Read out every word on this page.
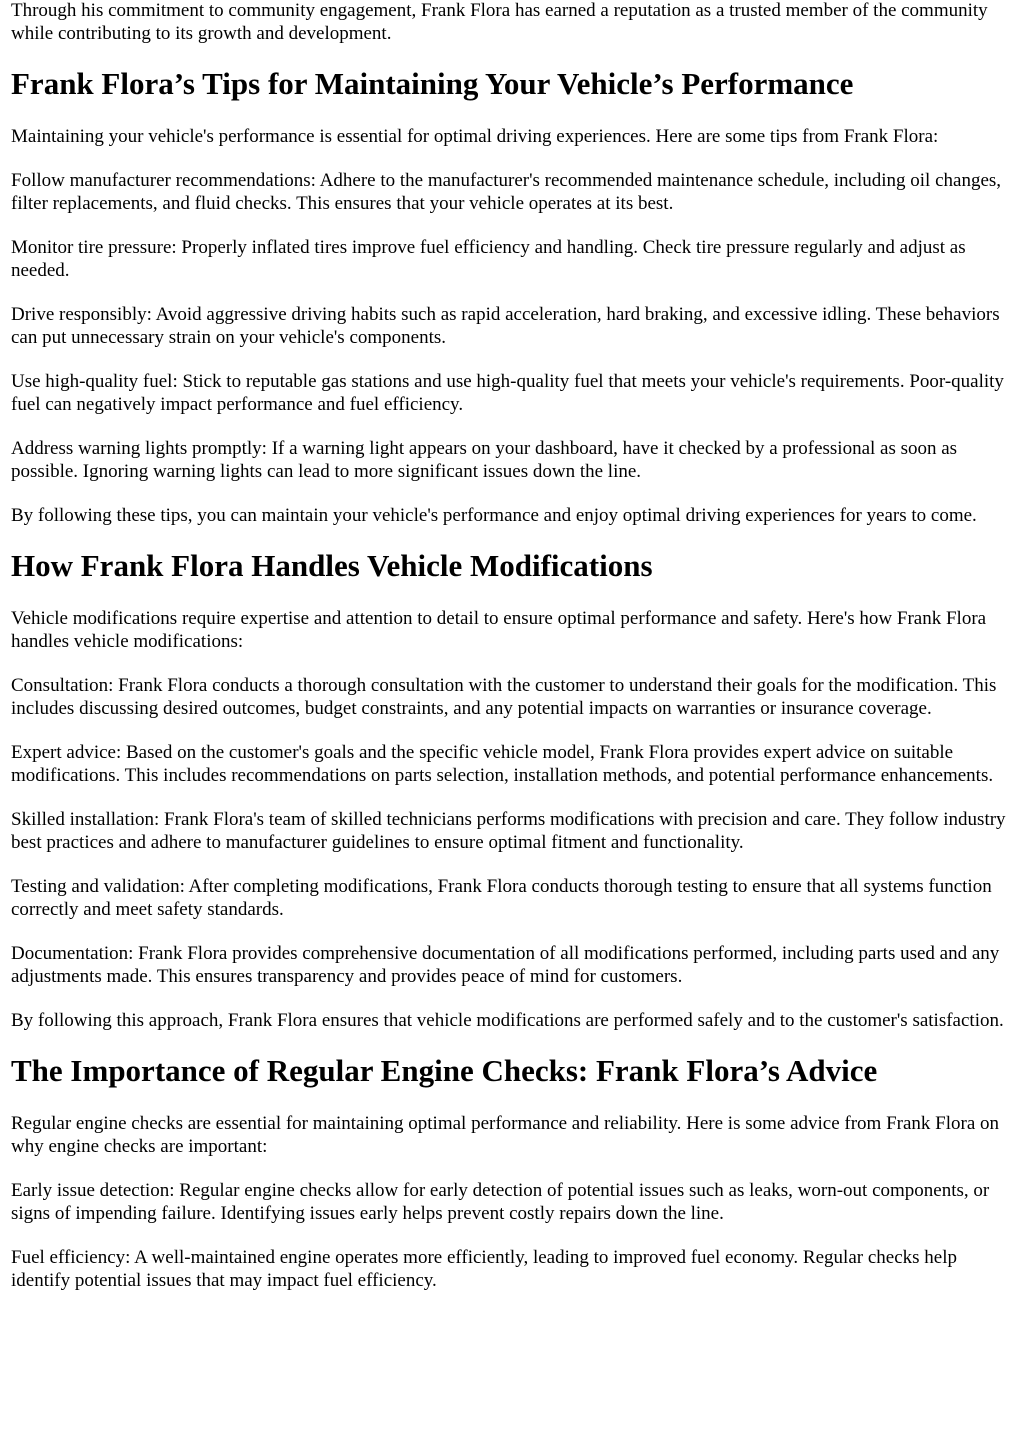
Through his commitment to community engagement, Frank Flora has earned a reputation as a trusted member of the community while contributing to its growth and development.

Frank Flora’s Tips for Maintaining Your Vehicle’s Performance

Maintaining your vehicle's performance is essential for optimal driving experiences. Here are some tips from Frank Flora:

Follow manufacturer recommendations: Adhere to the manufacturer's recommended maintenance schedule, including oil changes, filter replacements, and fluid checks. This ensures that your vehicle operates at its best.

Monitor tire pressure: Properly inflated tires improve fuel efficiency and handling. Check tire pressure regularly and adjust as needed.

Drive responsibly: Avoid aggressive driving habits such as rapid acceleration, hard braking, and excessive idling. These behaviors can put unnecessary strain on your vehicle's components.

Use high-quality fuel: Stick to reputable gas stations and use high-quality fuel that meets your vehicle's requirements. Poor-quality fuel can negatively impact performance and fuel efficiency.

Address warning lights promptly: If a warning light appears on your dashboard, have it checked by a professional as soon as possible. Ignoring warning lights can lead to more significant issues down the line.

By following these tips, you can maintain your vehicle's performance and enjoy optimal driving experiences for years to come.

How Frank Flora Handles Vehicle Modifications

Vehicle modifications require expertise and attention to detail to ensure optimal performance and safety. Here's how Frank Flora handles vehicle modifications:

Consultation: Frank Flora conducts a thorough consultation with the customer to understand their goals for the modification. This includes discussing desired outcomes, budget constraints, and any potential impacts on warranties or insurance coverage.

Expert advice: Based on the customer's goals and the specific vehicle model, Frank Flora provides expert advice on suitable modifications. This includes recommendations on parts selection, installation methods, and potential performance enhancements.

Skilled installation: Frank Flora's team of skilled technicians performs modifications with precision and care. They follow industry best practices and adhere to manufacturer guidelines to ensure optimal fitment and functionality.

Testing and validation: After completing modifications, Frank Flora conducts thorough testing to ensure that all systems function correctly and meet safety standards.

Documentation: Frank Flora provides comprehensive documentation of all modifications performed, including parts used and any adjustments made. This ensures transparency and provides peace of mind for customers.

By following this approach, Frank Flora ensures that vehicle modifications are performed safely and to the customer's satisfaction.

The Importance of Regular Engine Checks: Frank Flora’s Advice

Regular engine checks are essential for maintaining optimal performance and reliability. Here is some advice from Frank Flora on why engine checks are important:

Early issue detection: Regular engine checks allow for early detection of potential issues such as leaks, worn-out components, or signs of impending failure. Identifying issues early helps prevent costly repairs down the line.

Fuel efficiency: A well-maintained engine operates more efficiently, leading to improved fuel economy. Regular checks help identify potential issues that may impact fuel efficiency.
